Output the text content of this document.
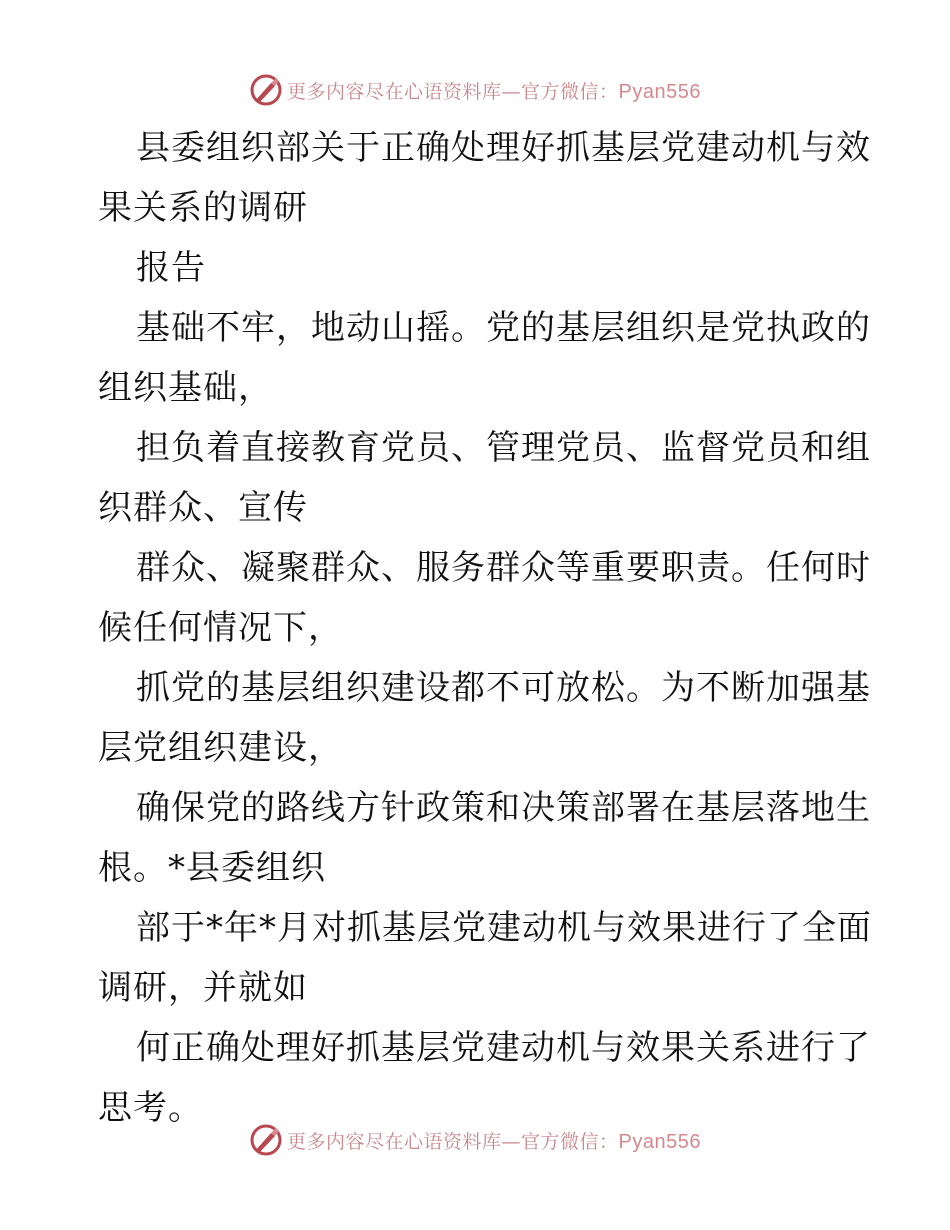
更多内容尽在心语资料库—官方微信：Pyan556
县委组织部关于正确处理好抓基层党建动机与效
果关系的调研
报告
基础不牢，地动山摇。党的基层组织是党执政的
组织基础，
担负着直接教育党员、管理党员、监督党员和组
织群众、宣传
群众、凝聚群众、服务群众等重要职责。任何时
候任何情况下，
抓党的基层组织建设都不可放松。为不断加强基
层党组织建设，
确保党的路线方针政策和决策部署在基层落地生
根。*县委组织
部于*年*月对抓基层党建动机与效果进行了全面
调研，并就如
何正确处理好抓基层党建动机与效果关系进行了
思考。
更多内容尽在心语资料库—官方微信：Pyan556
